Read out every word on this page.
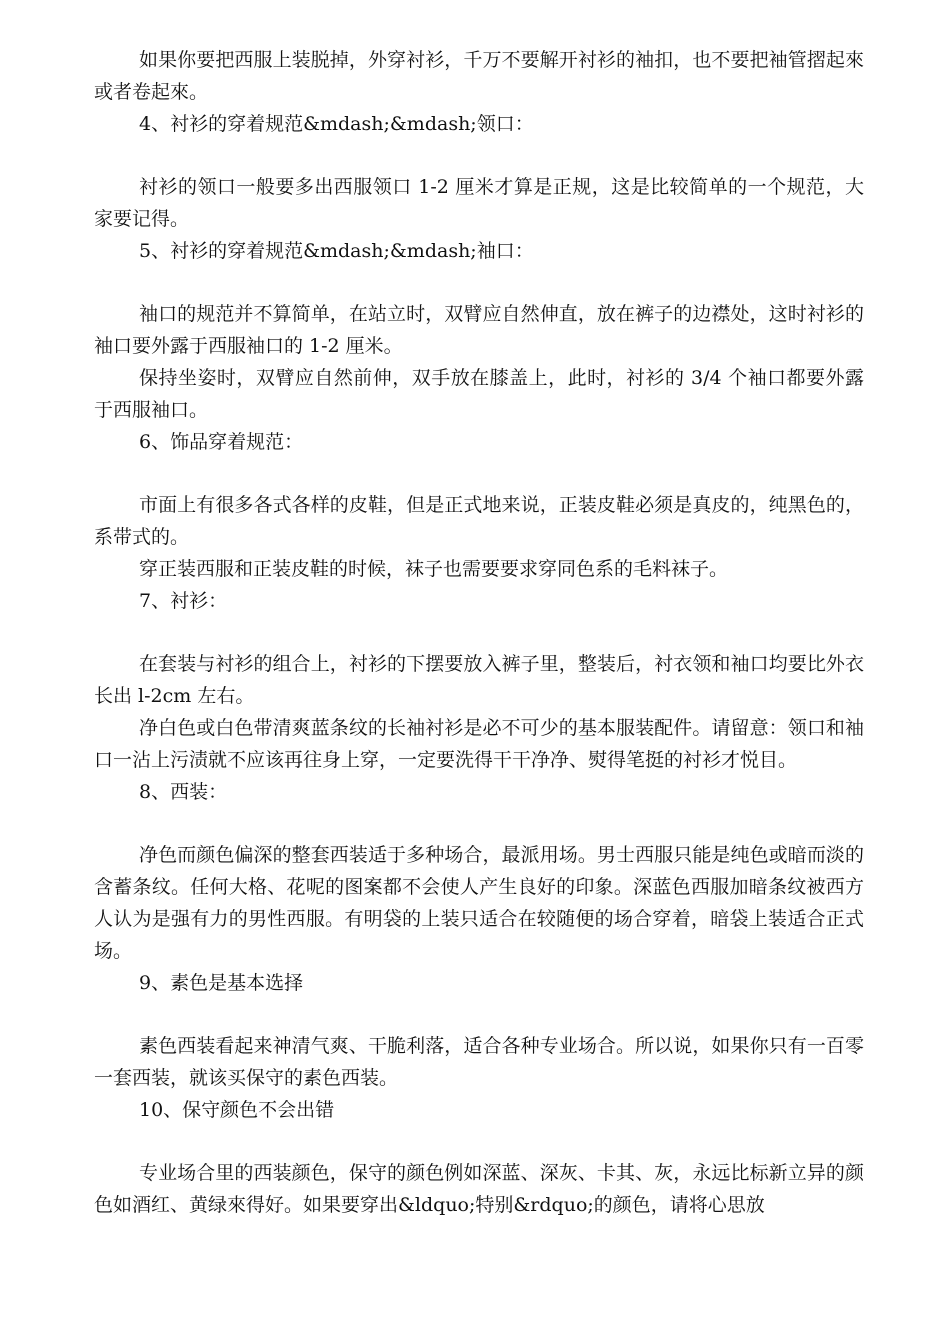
如果你要把西服上装脱掉，外穿衬衫，千万不要解开衬衫的袖扣，也不要把袖管摺起來或者卷起來。

4、衬衫的穿着规范&mdash;&mdash;领口：

衬衫的领口一般要多出西服领口 1-2 厘米才算是正规，这是比较简单的一个规范，大家要记得。

5、衬衫的穿着规范&mdash;&mdash;袖口：

袖口的规范并不算简单，在站立时，双臂应自然伸直，放在裤子的边襟处，这时衬衫的袖口要外露于西服袖口的 1-2 厘米。

保持坐姿时，双臂应自然前伸，双手放在膝盖上，此时，衬衫的 3/4 个袖口都要外露于西服袖口。

6、饰品穿着规范：

市面上有很多各式各样的皮鞋，但是正式地来说，正装皮鞋必须是真皮的，纯黑色的，系带式的。

穿正装西服和正装皮鞋的时候，袜子也需要要求穿同色系的毛料袜子。

7、衬衫：

在套装与衬衫的组合上，衬衫的下摆要放入裤子里，整装后，衬衣领和袖口均要比外衣长出 l-2cm 左右。

净白色或白色带清爽蓝条纹的长袖衬衫是必不可少的基本服装配件。请留意：领口和袖口一沾上污渍就不应该再往身上穿，一定要洗得干干净净、熨得笔挺的衬衫才悦目。

8、西装：

净色而颜色偏深的整套西装适于多种场合，最派用场。男士西服只能是纯色或暗而淡的含蓄条纹。任何大格、花呢的图案都不会使人产生良好的印象。深蓝色西服加暗条纹被西方人认为是强有力的男性西服。有明袋的上装只适合在较随便的场合穿着，暗袋上装适合正式场。

9、素色是基本选择

素色西装看起来神清气爽、干脆利落，适合各种专业场合。所以说，如果你只有一百零一套西装，就该买保守的素色西装。

10、保守颜色不会出错

专业场合里的西装颜色，保守的颜色例如深蓝、深灰、卡其、灰，永远比标新立异的颜色如酒红、黄绿來得好。如果要穿出&ldquo;特别&rdquo;的颜色，请将心思放
